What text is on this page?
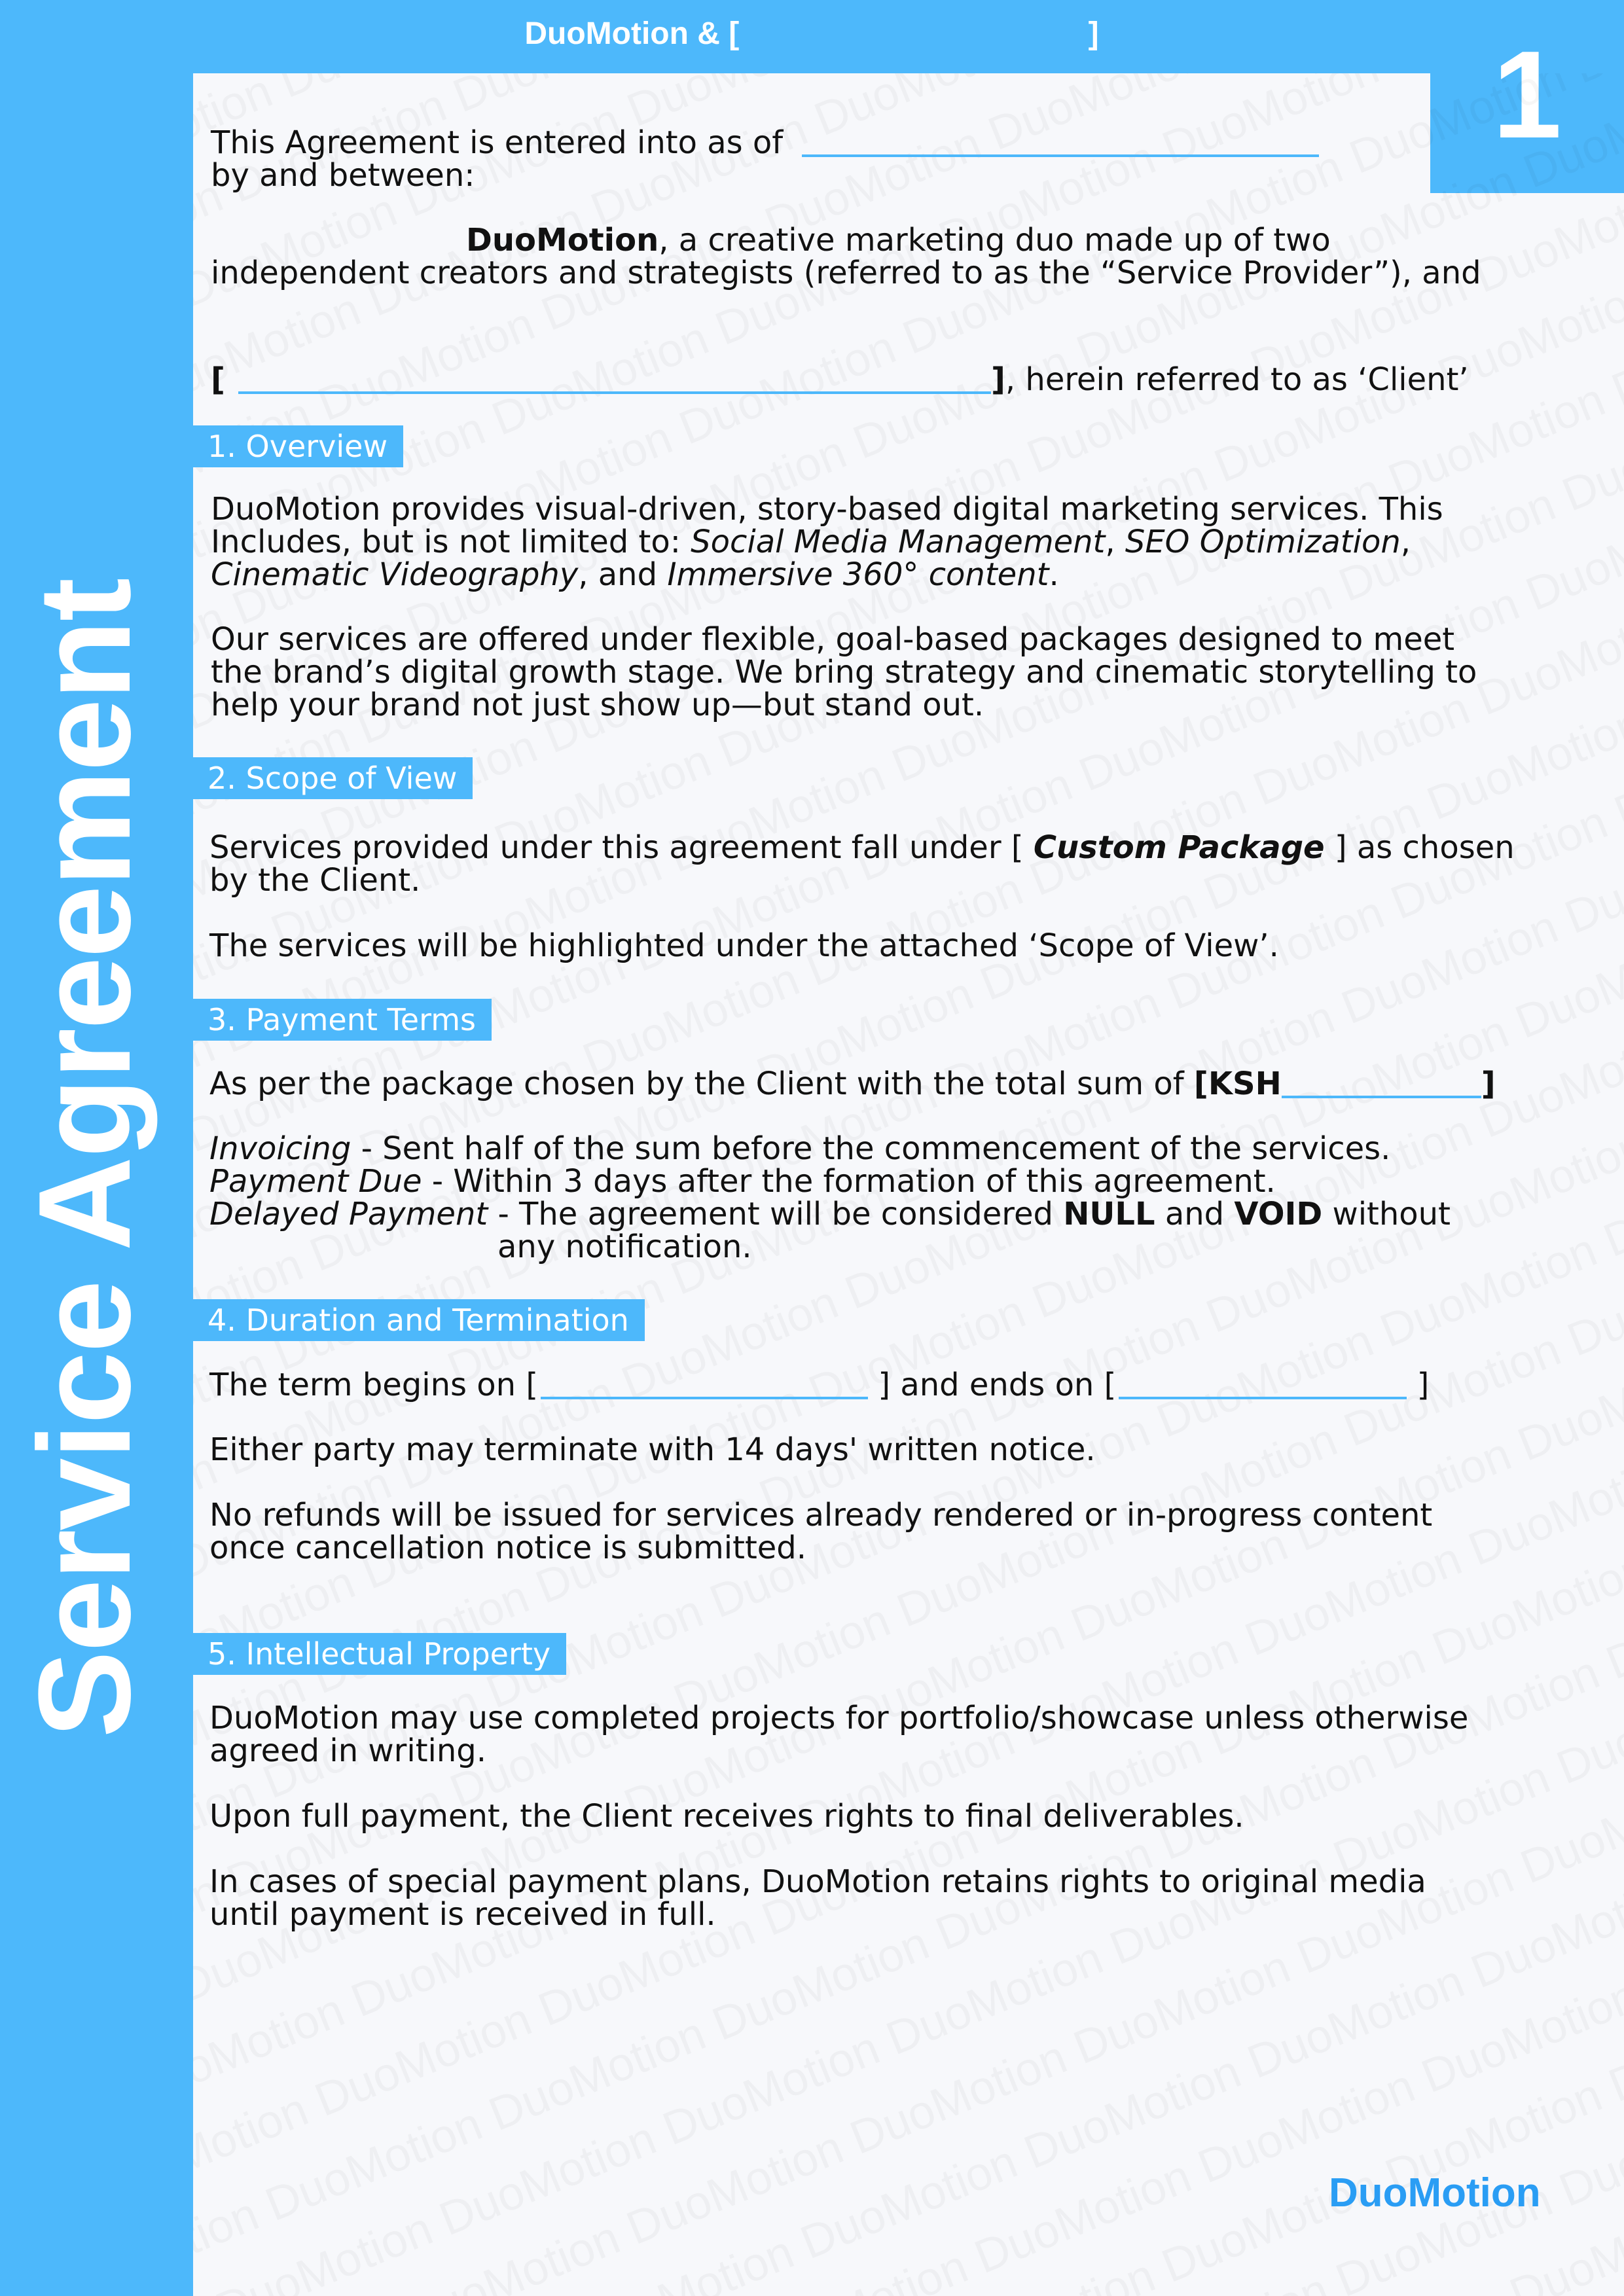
Service Agreement
DuoMotion & [                                        ]	1
This Agreement is entered into as of
by and between:
DuoMotion, a creative marketing duo made up of two
independent creators and strategists (referred to as the “Service Provider”), and
[	], herein referred to as ‘Client’
1. Overview
DuoMotion provides visual-driven, story-based digital marketing services. This
Includes, but is not limited to: Social Media Management, SEO Optimization,
Cinematic Videography, and Immersive 360° content.
Our services are offered under flexible, goal-based packages designed to meet
the brand’s digital growth stage. We bring strategy and cinematic storytelling to
help your brand not just show up—but stand out.
2. Scope of View
Services provided under this agreement fall under [ Custom Package ] as chosen
by the Client.
The services will be highlighted under the attached ‘Scope of View’.
3. Payment Terms
As per the package chosen by the Client with the total sum of [KSH	]
Invoicing - Sent half of the sum before the commencement of the services.
Payment Due - Within 3 days after the formation of this agreement.
Delayed Payment - The agreement will be considered NULL and VOID without
any notification.
4. Duration and Termination
The term begins on [	] and ends on [	]
Either party may terminate with 14 days' written notice.
No refunds will be issued for services already rendered or in-progress content
once cancellation notice is submitted.
5. Intellectual Property
DuoMotion may use completed projects for portfolio/showcase unless otherwise
agreed in writing.
Upon full payment, the Client receives rights to final deliverables.
In cases of special payment plans, DuoMotion retains rights to original media
until payment is received in full.
DuoMotion
